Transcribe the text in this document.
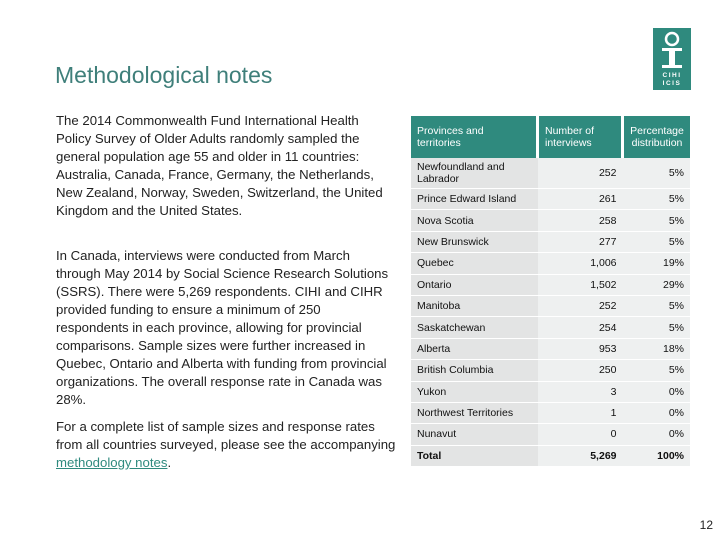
Methodological notes	CIHI
ICIS
The 2014 Commonwealth Fund International Health Policy Survey of Older Adults randomly sampled the general population age 55 and older in 11 countries: Australia, Canada, France, Germany, the Netherlands, New Zealand, Norway, Sweden, Switzerland, the United Kingdom and the United States.
In Canada, interviews were conducted from March through May 2014 by Social Science Research Solutions (SSRS). There were 5,269 respondents. CIHI and CIHR provided funding to ensure a minimum of 250 respondents in each province, allowing for provincial comparisons. Sample sizes were further increased in Quebec, Ontario and Alberta with funding from provincial organizations. The overall response rate in Canada was 28%.
For a complete list of sample sizes and response rates from all countries surveyed, please see the accompanying methodology notes.
Provinces and territories	Number of interviews	Percentage distribution
Newfoundland and Labrador	252	5%
Prince Edward Island	261	5%
Nova Scotia	258	5%
New Brunswick	277	5%
Quebec	1,006	19%
Ontario	1,502	29%
Manitoba	252	5%
Saskatchewan	254	5%
Alberta	953	18%
British Columbia	250	5%
Yukon	3	0%
Northwest Territories	1	0%
Nunavut	0	0%
Total	5,269	100%
12
